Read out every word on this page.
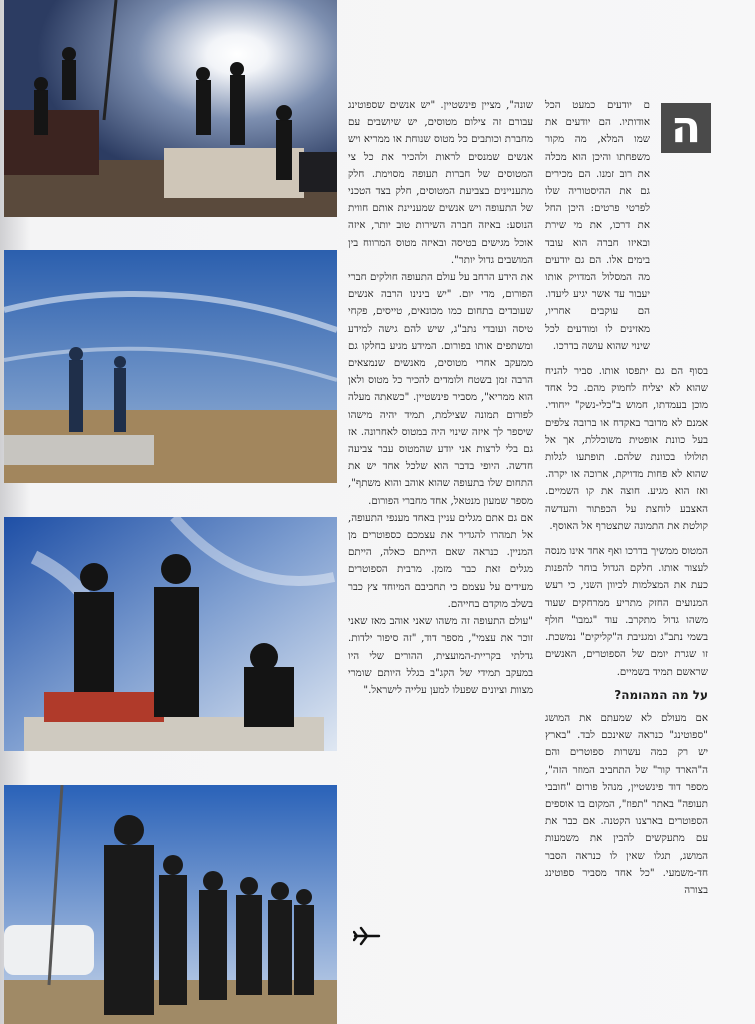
ה

ם יודעים כמעט הכל אודותיו. הם יודעים את שמו המלא, מה מקור משפחתו והיכן הוא מכלה את רוב זמנו. הם מכירים גם את ההיסטוריה שלו לפרטי פרטים: היכן החל את דרכו, את מי שירת ובאיזו חברה הוא עובד בימים אלו. הם גם יודעים מה המסלול המדויק אותו יעבור עד אשר יגיע ליעדו. הם עוקבים אחריו, מאזינים לו ומודעים לכל שינוי שהוא עושה בדרכו.

בסוף הם גם יתפסו אותו. סביר להניח שהוא לא יצליח לחמוק מהם. כל אחד מוכן בעמדתו, חמוש ב"כלי-נשק" ייחודי. אמנם לא מדובר באקדח או ברובה צלפים בעל כוונת אופטית משוכללת, אך אל תולולו בכוונת שלהם. תופתעו לגלות שהוא לא פחות מדויקת, ארוכה או יקרה. ואז הוא מגיע. חוצה את קו השמיים. האצבע לוחצת על הכפתור והעדשה קולטת את התמונה שתצטרף אל האוסף.

המטוס ממשיך בדרכו ואף אחד אינו מנסה לעצור אותו. חלקם הגדול בוחר להפנות כעת את המצלמות לכיוון השני, כי רעש המנועים החזק מתריע ממרחקים שעוד משהו גדול מתקרב. עוד "גמבו" חולף בשמי נתב"ג ומגניבת ה"קליקים" נמשכת. זו שגרת יומם של הספוטרים, האנשים שראשם תמיד בשמיים.

על מה המהומה?

אם מעולם לא שמעתם את המושג "ספוטינג" כנראה שאינכם לבד. "בארץ יש רק כמה עשרות ספוטרים והם ה"הארד קור" של התחביב המוזר הזה", מספר דוד פינשטיין, מנהל פורום "חובבי תעופה" באתר "תפוז", המקום בו אוספים הספוטרים בארצנו הקטנה. אם כבר את עם מתעקשים להבין את משמעות המושג, תגלו שאין לו כנראה הסבר חד-משמעי. "כל אחד מסביר ספוטינג בצורה

שונה", מציין פינשטיין. "יש אנשים שספוטינג עבורם זה צילום מטוסים, יש שיושבים עם מחברת וכותבים כל מטוס שנוחת או ממריא ויש אנשים שמנסים לראות ולהכיר את כל צי המטוסים של חברות תעופה מסוימת. חלק מתעניינים בצביעת המטוסים, חלק בצד הטכני של התעופה ויש אנשים שמעניינת אותם חווית הנוסע: באיזה חברה השירות טוב יותר, איזה אוכל מגישים בטיסה ובאיזה מטוס המרווח בין המושבים גדול יותר".

את הידע הרחב על עולם התעופה חולקים חברי הפורום, מדי יום. "יש בינינו הרבה אנשים שעובדים בתחום כמו מכונאים, טייסים, פקחי טיסה ועובדי נתב"ג, שיש להם גישה למידע ומשתפים אותו בפורום. המידע מגיע בחלקו גם ממעקב אחרי מטוסים, מאנשים שנמצאים הרבה זמן בשטח ולומדים להכיר כל מטוס ולאן הוא ממריא", מסביר פינשטיין. "כשאתה מעלה לפורום תמונה שצילמת, תמיד יהיה מישהו שיספר לך איזה שינוי היה במטוס לאחרונה. אז גם בלי לרצות אני יודע שהמטוס עבר צביעה חדשה. היופי בדבר הוא שלכל אחד יש את התחום שלו בתעופה שהוא אוהב והוא משתף", מספר שמעון מנטאל, אחד מחברי הפורום.

אם גם אתם מגלים עניין באחד מענפי התעופה, אל תמהרו להגדיר את עצמכם כספוטרים מן המניין. כנראה שאם הייתם כאלה, הייתם מגלים זאת כבר מזמן. מרבית הספוטרים מעידים על עצמם כי תחביבם המיוחד צץ כבר בשלב מוקדם בחייהם.

"עולם התעופה זה משהו שאני אוהב מאז שאני זוכר את עצמי", מספר דוד, "זה סיפור ילדות. גדלתי בקריית-המועצית, ההורים שלי היו במעקב תמידי של הקג"ב בגלל היותם שומרי מצוות וציונים שפעלו למען עלייה לישראל."
